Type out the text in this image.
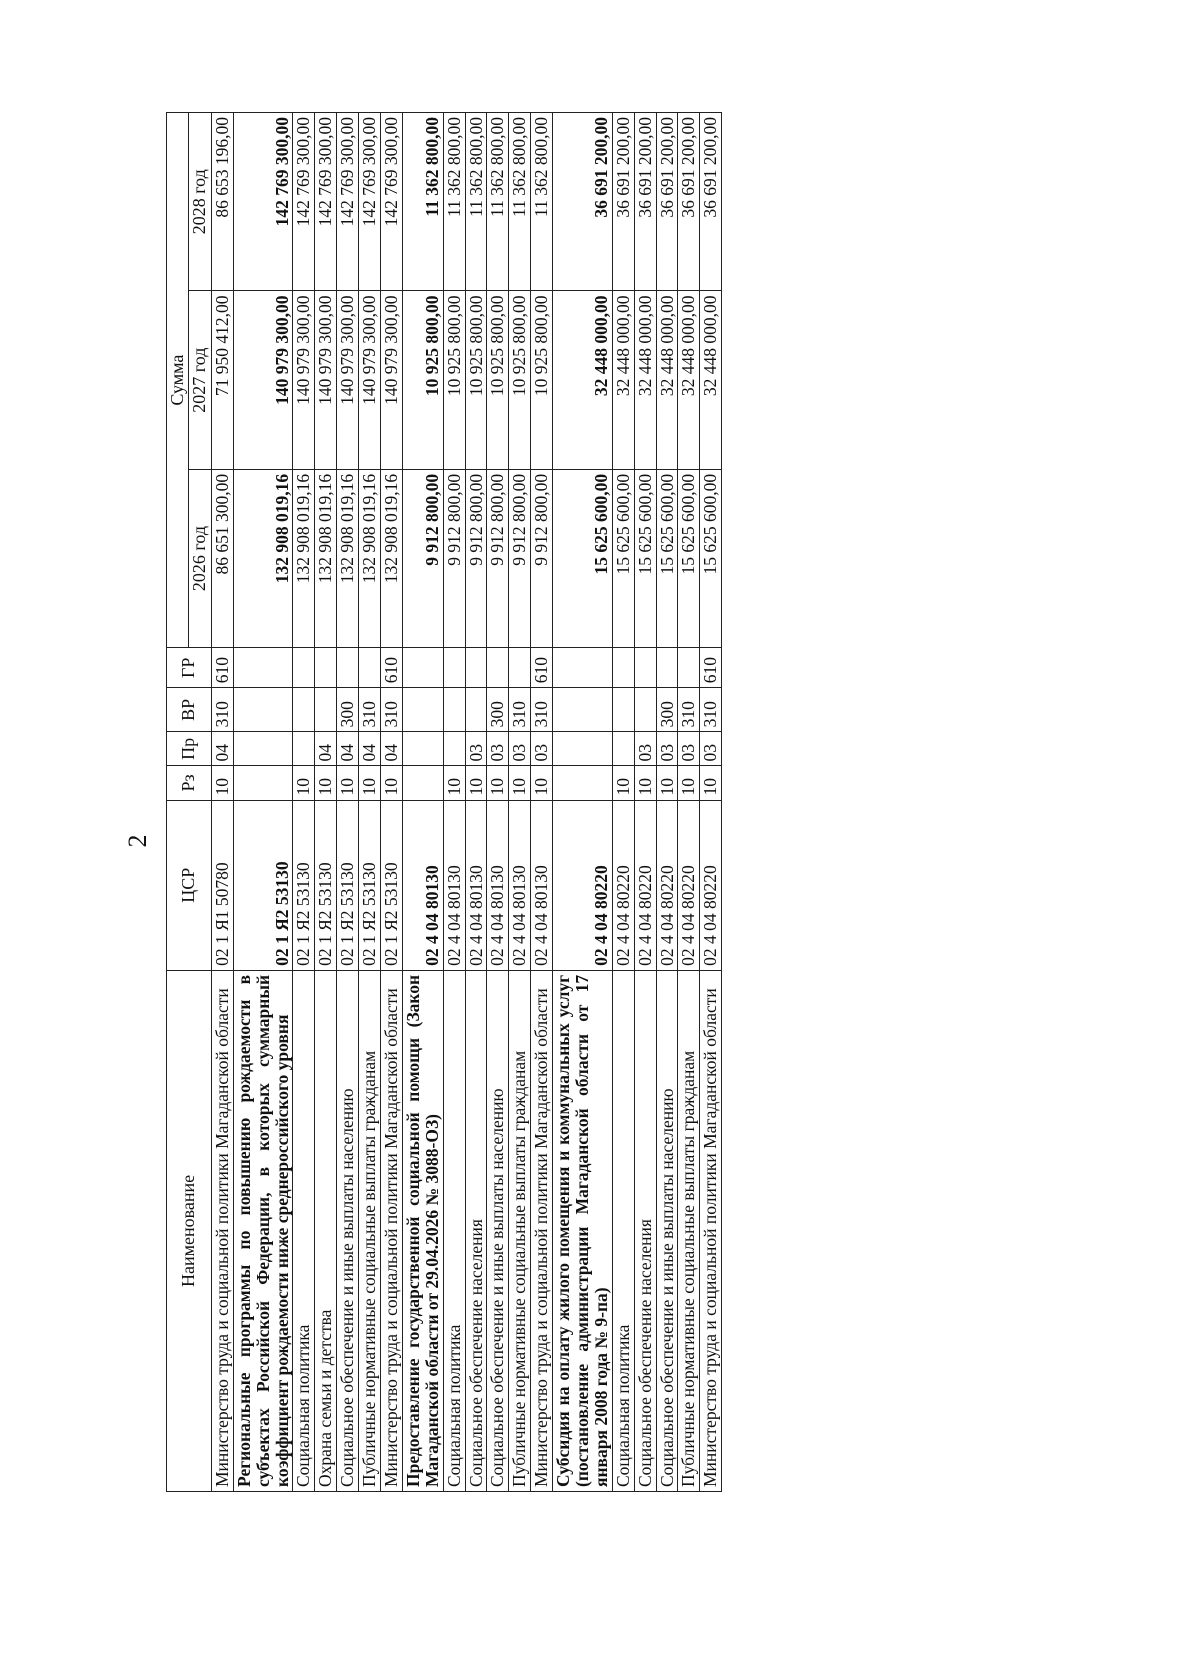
2
Наименование	ЦСР	Рз	Пр	ВР	ГР	Сумма		
						2026 год	2027 год	2028 год
Министерство труда и социальной политики Магаданской области	02 1 Я1 50780	10	04	310	610	86 651 300,00	71 950 412,00	86 653 196,00
Региональные программы по повышению рождаемости в субъектах Российской Федерации, в которых суммарный коэффициент рождаемости ниже среднероссийского уровня	02 1 Я2 53130					132 908 019,16	140 979 300,00	142 769 300,00
Социальная политика	02 1 Я2 53130	10				132 908 019,16	140 979 300,00	142 769 300,00
Охрана семьи и детства	02 1 Я2 53130	10	04			132 908 019,16	140 979 300,00	142 769 300,00
Социальное обеспечение и иные выплаты населению	02 1 Я2 53130	10	04	300		132 908 019,16	140 979 300,00	142 769 300,00
Публичные нормативные социальные выплаты гражданам	02 1 Я2 53130	10	04	310		132 908 019,16	140 979 300,00	142 769 300,00
Министерство труда и социальной политики Магаданской области	02 1 Я2 53130	10	04	310	610	132 908 019,16	140 979 300,00	142 769 300,00
Предоставление государственной социальной помощи (Закон Магаданской области от 29.04.2026 № 3088-ОЗ)	02 4 04 80130					9 912 800,00	10 925 800,00	11 362 800,00
Социальная политика	02 4 04 80130	10				9 912 800,00	10 925 800,00	11 362 800,00
Социальное обеспечение населения	02 4 04 80130	10	03			9 912 800,00	10 925 800,00	11 362 800,00
Социальное обеспечение и иные выплаты населению	02 4 04 80130	10	03	300		9 912 800,00	10 925 800,00	11 362 800,00
Публичные нормативные социальные выплаты гражданам	02 4 04 80130	10	03	310		9 912 800,00	10 925 800,00	11 362 800,00
Министерство труда и социальной политики Магаданской области	02 4 04 80130	10	03	310	610	9 912 800,00	10 925 800,00	11 362 800,00
Субсидия на оплату жилого помещения и коммунальных услуг (постановление администрации Магаданской области от 17 января 2008 года № 9-па)	02 4 04 80220					15 625 600,00	32 448 000,00	36 691 200,00
Социальная политика	02 4 04 80220	10				15 625 600,00	32 448 000,00	36 691 200,00
Социальное обеспечение населения	02 4 04 80220	10	03			15 625 600,00	32 448 000,00	36 691 200,00
Социальное обеспечение и иные выплаты населению	02 4 04 80220	10	03	300		15 625 600,00	32 448 000,00	36 691 200,00
Публичные нормативные социальные выплаты гражданам	02 4 04 80220	10	03	310		15 625 600,00	32 448 000,00	36 691 200,00
Министерство труда и социальной политики Магаданской области	02 4 04 80220	10	03	310	610	15 625 600,00	32 448 000,00	36 691 200,00
